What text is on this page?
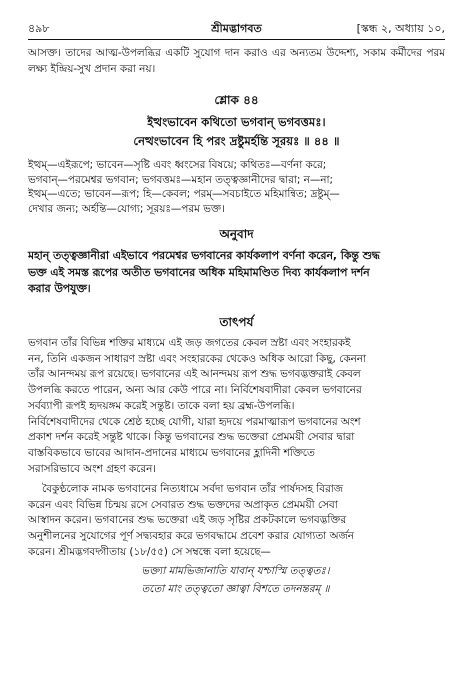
৪৯৮	শ্রীমদ্ভাগবত	[স্কন্ধ ২, অধ্যায় ১০,
আসক্ত। তাদের আত্ম-উপলব্ধির একটি সুযোগ দান করাও এর অন্যতম উদ্দেশ্য, সকাম কর্মীদের পরম লক্ষ্য ইন্দ্রিয়-সুখ প্রদান করা নয়।
শ্লোক ৪৪
ইত্থংভাবেন কথিতো ভগবান্ ভগবত্তমঃ।
নেত্থংভাবেন হি পরং দ্রষ্টুমর্হন্তি সূরয়ঃ ॥ ৪৪ ॥
ইত্থম্—এইরূপে; ভাবেন—সৃষ্টি এবং ধ্বংসের বিষয়ে; কথিতঃ—বর্ণনা করে;
ভগবান্—পরমেশ্বর ভগবান; ভগবত্তমঃ—মহান তত্ত্বজ্ঞানীদের দ্বারা; ন—না;
ইত্থম্—এতে; ভাবেন—রূপ; হি—কেবল; পরম্—সবচাইতে মহিমান্বিত; দ্রষ্টুম্—
দেখার জন্য; অর্হন্তি—যোগ্য; সূরয়ঃ—পরম ভক্ত।
অনুবাদ
মহান্ তত্ত্বজ্ঞানীরা এইভাবে পরমেশ্বর ভগবানের কার্যকলাপ বর্ণনা করেন, কিন্তু শুদ্ধ
ভক্ত এই সমস্ত রূপের অতীত ভগবানের অধিক মহিমামণ্ডিত দিব্য কার্যকলাপ দর্শন
করার উপযুক্ত।
তাৎপর্য
ভগবান তাঁর বিভিন্ন শক্তির মাধ্যমে এই জড় জগতের কেবল স্রষ্টা এবং সংহারকই
নন, তিনি একজন সাধারণ স্রষ্টা এবং সংহারকের থেকেও অধিক আরো কিছু, কেননা
তাঁর আনন্দময় রূপ রয়েছে। ভগবানের এই আনন্দময় রূপ শুদ্ধ ভগবদ্ভক্তরাই কেবল
উপলব্ধি করতে পারেন, অন্য আর কেউ পারে না। নির্বিশেষবাদীরা কেবল ভগবানের
সর্বব্যাপী রূপই হৃদয়ঙ্গম করেই সন্তুষ্ট। তাকে বলা হয় ব্রহ্ম-উপলব্ধি।
নির্বিশেষবাদীদের থেকে শ্রেষ্ঠ হচ্ছে যোগী, যারা হৃদয়ে পরমাত্মারূপ ভগবানের অংশ
প্রকাশ দর্শন করেই সন্তুষ্ট থাকে। কিন্তু ভগবানের শুদ্ধ ভক্তেরা প্রেমময়ী সেবার দ্বারা
বাস্তবিকভাবে ভাবের আদান-প্রদানের মাধ্যমে ভগবানের হ্লাদিনী শক্তিতে
সরাসরিভাবে অংশ গ্রহণ করেন।
বৈকুণ্ঠলোক নামক ভগবানের নিত্যধামে সর্বদা ভগবান তাঁর পার্ষদসহ বিরাজ
করেন এবং বিভিন্ন চিন্ময় রসে সেবারত শুদ্ধ ভক্তদের অপ্রাকৃত প্রেমময়ী সেবা
আস্বাদন করেন। ভগবানের শুদ্ধ ভক্তেরা এই জড় সৃষ্টির প্রকটকালে ভগবদ্ভক্তির
অনুশীলনের সুযোগের পূর্ণ সদ্ব্যবহার করে ভগবদ্ধামে প্রবেশ করার যোগ্যতা অর্জন
করেন। শ্রীমদ্ভগবদ্গীতায় (১৮/৫৫) সে সম্বন্ধে বলা হয়েছে—
ভক্ত্যা মামভিজানাতি যাবান্ যশ্চাস্মি তত্ত্বতঃ।
ততো মাং তত্ত্বতো জ্ঞাত্বা বিশতে তদনন্তরম্ ॥
